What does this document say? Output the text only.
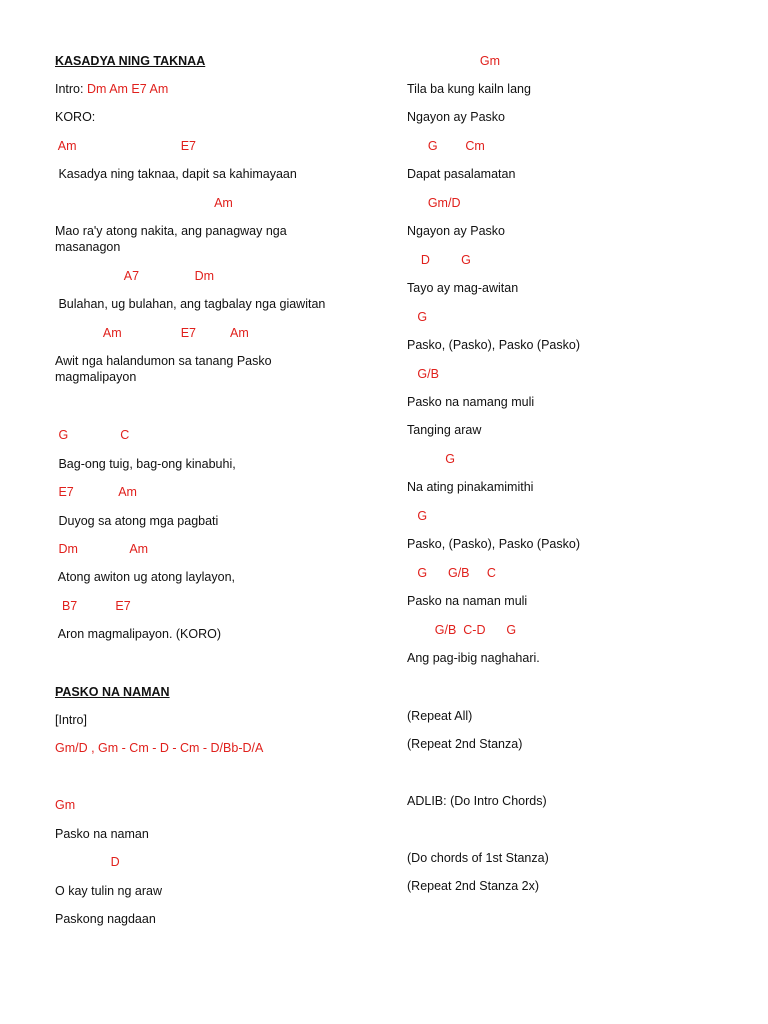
KASADYA NING TAKNAA
Intro: Dm Am E7 Am
KORO:
Am                              E7
Kasadya ning taknaa, dapit sa kahimayaan
Am
Mao ra'y atong nakita, ang panagway nga masanagon
A7                Dm
Bulahan, ug bulahan, ang tagbalay nga giawitan
Am                 E7          Am
Awit nga halandumon sa tanang Pasko magmalipayon
G               C
Bag-ong tuig, bag-ong kinabuhi,
E7             Am
Duyog sa atong mga pagbati
Dm               Am
Atong awiton ug atong laylayon,
B7           E7
Aron magmalipayon. (KORO)
PASKO NA NAMAN
[Intro]
Gm/D , Gm - Cm - D - Cm - D/Bb-D/A
Gm
Pasko na naman
D
O kay tulin ng araw
Paskong nagdaan
Gm
Tila ba kung kailn lang
Ngayon ay Pasko
G        Cm
Dapat pasalamatan
Gm/D
Ngayon ay Pasko
D         G
Tayo ay mag-awitan
G
Pasko, (Pasko), Pasko (Pasko)
G/B
Pasko na namang muli
Tanging araw
G
Na ating pinakamimithi
G
Pasko, (Pasko), Pasko (Pasko)
G      G/B     C
Pasko na naman muli
G/B  C-D      G
Ang pag-ibig naghahari.
(Repeat All)
(Repeat 2nd Stanza)
ADLIB: (Do Intro Chords)
(Do chords of 1st Stanza)
(Repeat 2nd Stanza 2x)
